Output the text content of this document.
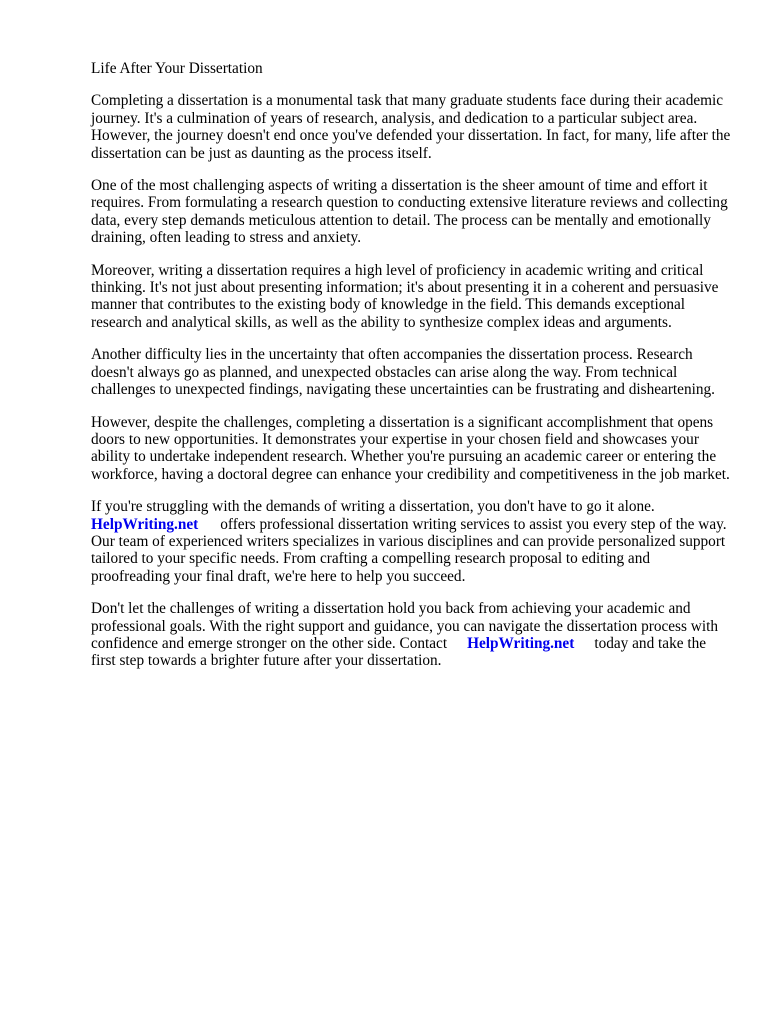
Life After Your Dissertation

Completing a dissertation is a monumental task that many graduate students face during their academic journey. It's a culmination of years of research, analysis, and dedication to a particular subject area. However, the journey doesn't end once you've defended your dissertation. In fact, for many, life after the dissertation can be just as daunting as the process itself.

One of the most challenging aspects of writing a dissertation is the sheer amount of time and effort it requires. From formulating a research question to conducting extensive literature reviews and collecting data, every step demands meticulous attention to detail. The process can be mentally and emotionally draining, often leading to stress and anxiety.

Moreover, writing a dissertation requires a high level of proficiency in academic writing and critical thinking. It's not just about presenting information; it's about presenting it in a coherent and persuasive manner that contributes to the existing body of knowledge in the field. This demands exceptional research and analytical skills, as well as the ability to synthesize complex ideas and arguments.

Another difficulty lies in the uncertainty that often accompanies the dissertation process. Research doesn't always go as planned, and unexpected obstacles can arise along the way. From technical challenges to unexpected findings, navigating these uncertainties can be frustrating and disheartening.

However, despite the challenges, completing a dissertation is a significant accomplishment that opens doors to new opportunities. It demonstrates your expertise in your chosen field and showcases your ability to undertake independent research. Whether you're pursuing an academic career or entering the workforce, having a doctoral degree can enhance your credibility and competitiveness in the job market.

If you're struggling with the demands of writing a dissertation, you don't have to go it alone.
HelpWriting.net offers professional dissertation writing services to assist you every step of the way. Our team of experienced writers specializes in various disciplines and can provide personalized support tailored to your specific needs. From crafting a compelling research proposal to editing and proofreading your final draft, we're here to help you succeed.

Don't let the challenges of writing a dissertation hold you back from achieving your academic and professional goals. With the right support and guidance, you can navigate the dissertation process with confidence and emerge stronger on the other side. Contact HelpWriting.net today and take the first step towards a brighter future after your dissertation.
